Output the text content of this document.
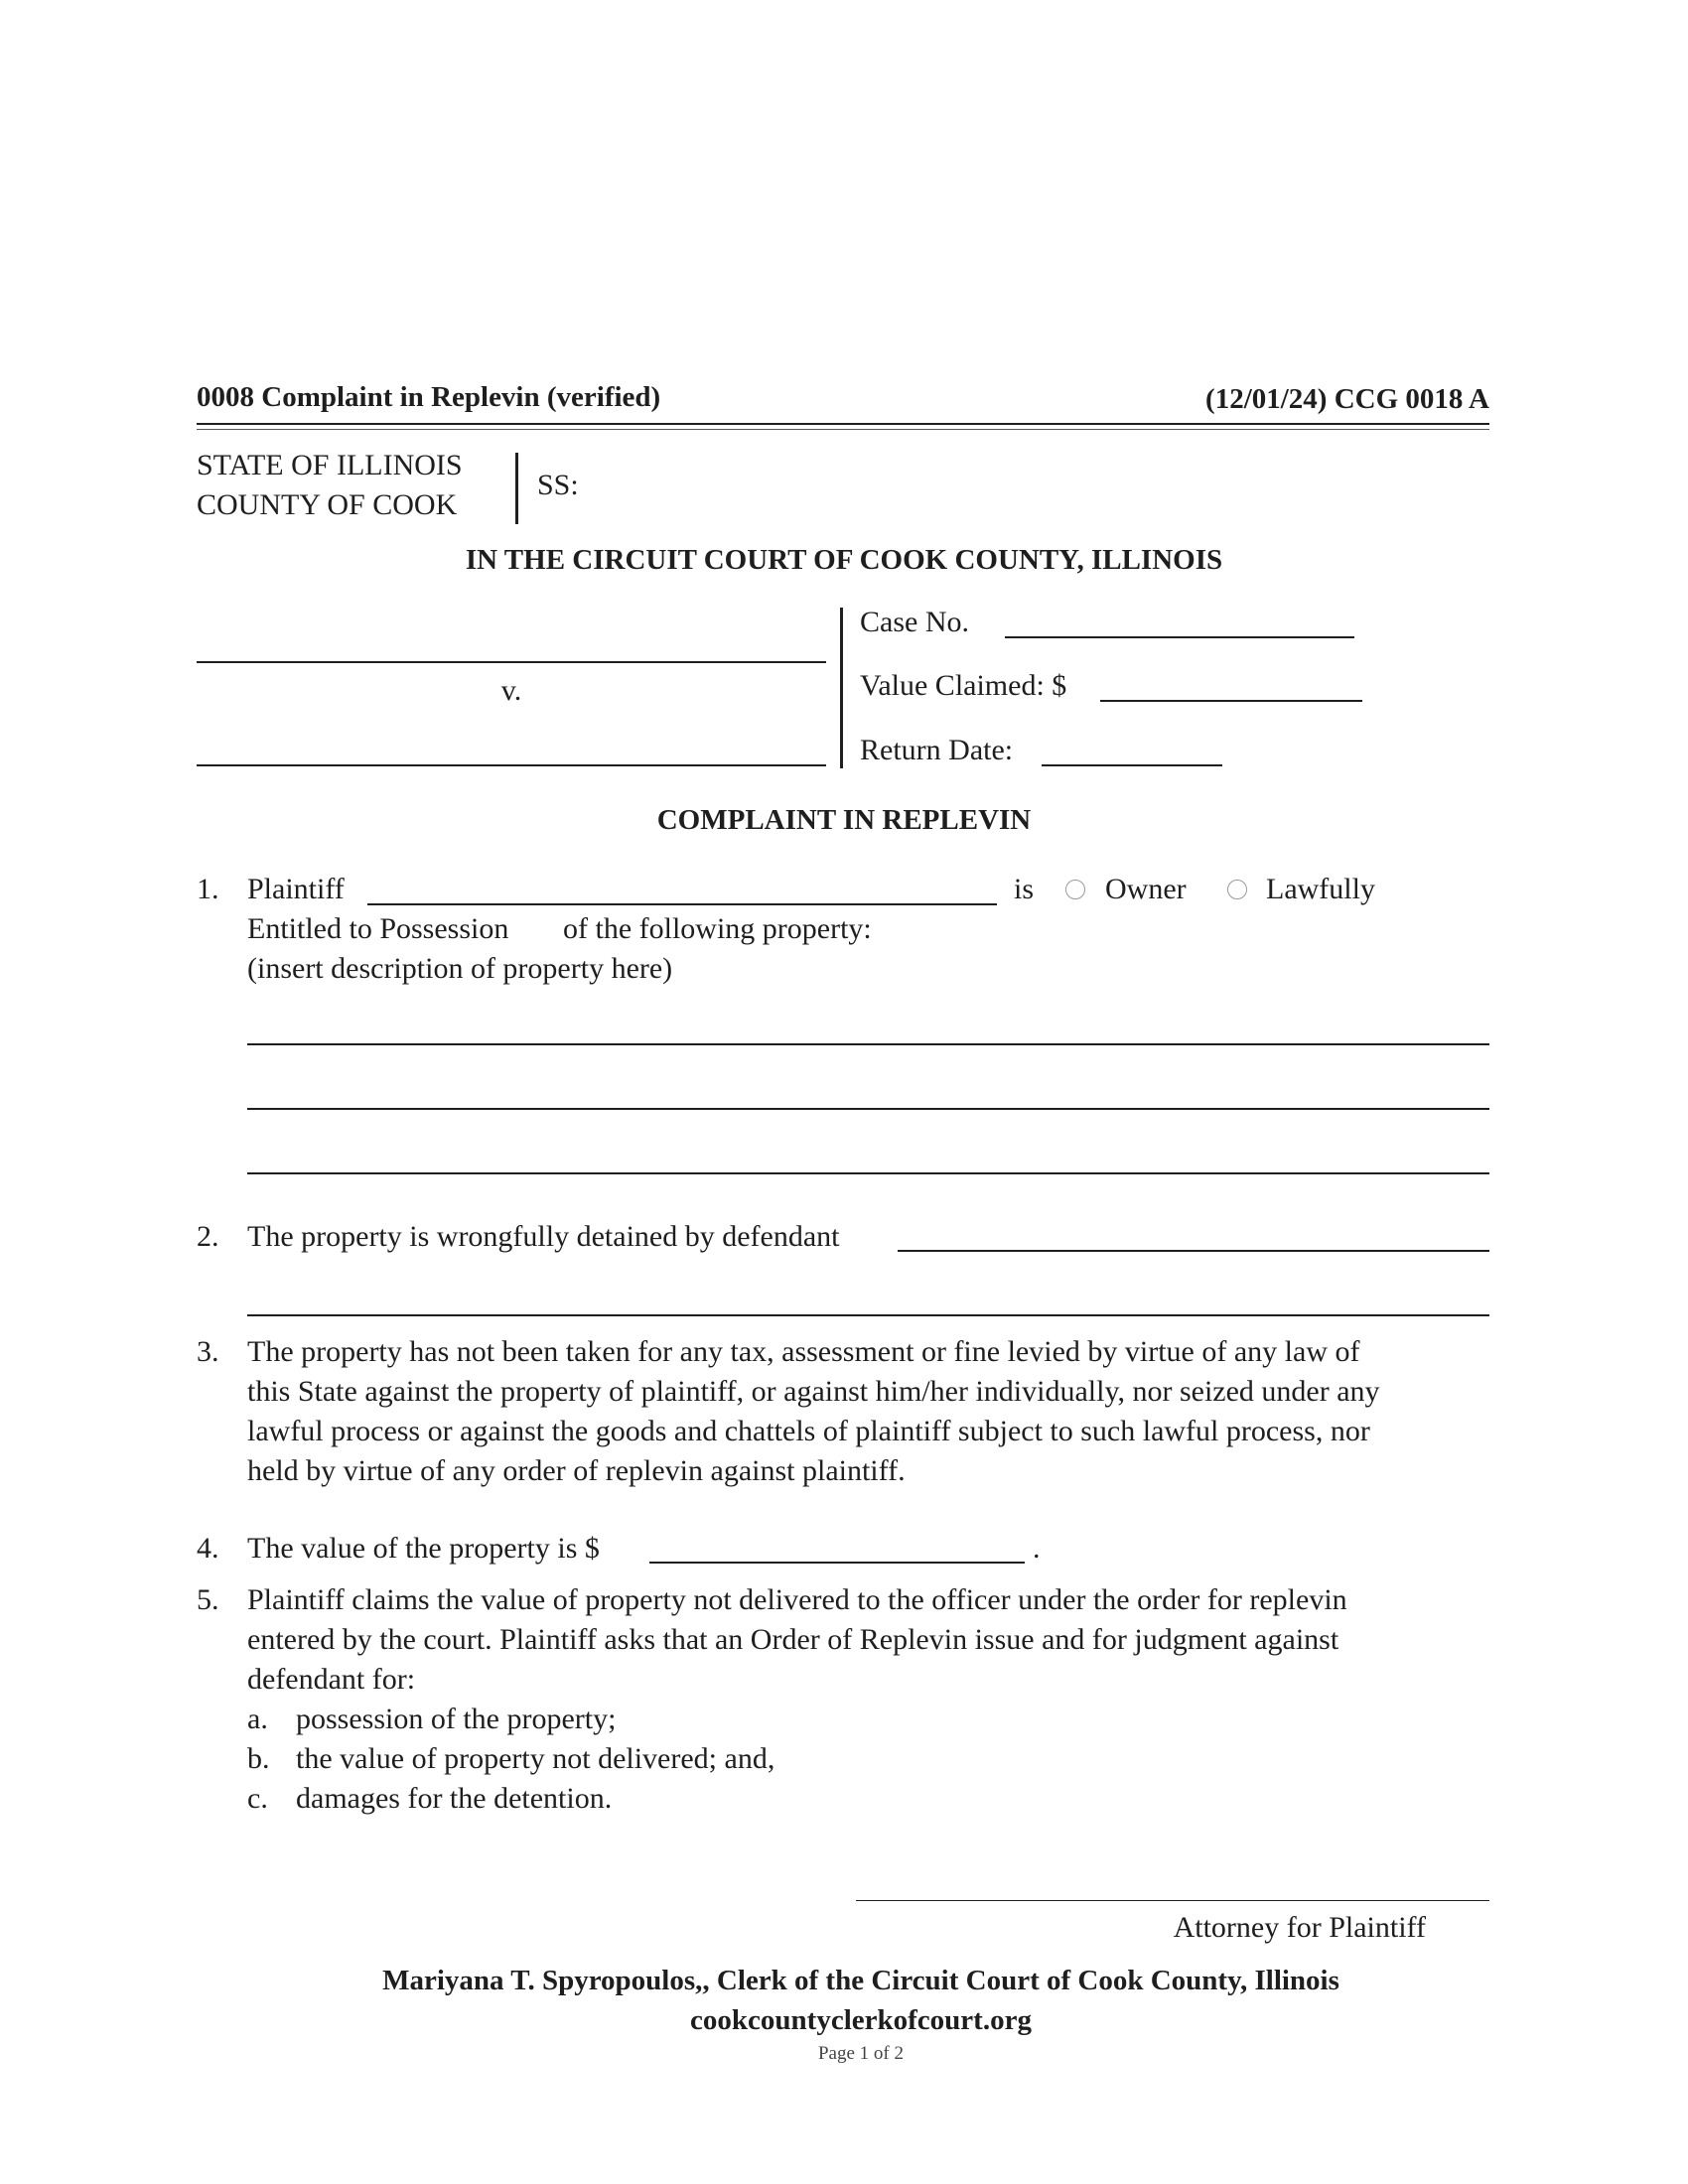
0008 Complaint in Replevin (verified)	(12/01/24) CCG 0018 A
STATE OF ILLINOIS
COUNTY OF COOK
SS:
IN THE CIRCUIT COURT OF COOK COUNTY, ILLINOIS
v.
Case No.
Value Claimed: $
Return Date:
COMPLAINT IN REPLEVIN
1. Plaintiff	is Owner	Lawfully
Entitled to Possession of the following property:
(insert description of property here)
2. The property is wrongfully detained by defendant
3. The property has not been taken for any tax, assessment or fine levied by virtue of any law of
this State against the property of plaintiff, or against him/her individually, nor seized under any
lawful process or against the goods and chattels of plaintiff subject to such lawful process, nor
held by virtue of any order of replevin against plaintiff.
4. The value of the property is $	.
5. Plaintiff claims the value of property not delivered to the officer under the order for replevin
entered by the court. Plaintiff asks that an Order of Replevin issue and for judgment against
defendant for:
a. possession of the property;
b. the value of property not delivered; and,
c. damages for the detention.
Attorney for Plaintiff
Mariyana T. Spyropoulos,, Clerk of the Circuit Court of Cook County, Illinois
cookcountyclerkofcourt.org
Page 1 of 2
